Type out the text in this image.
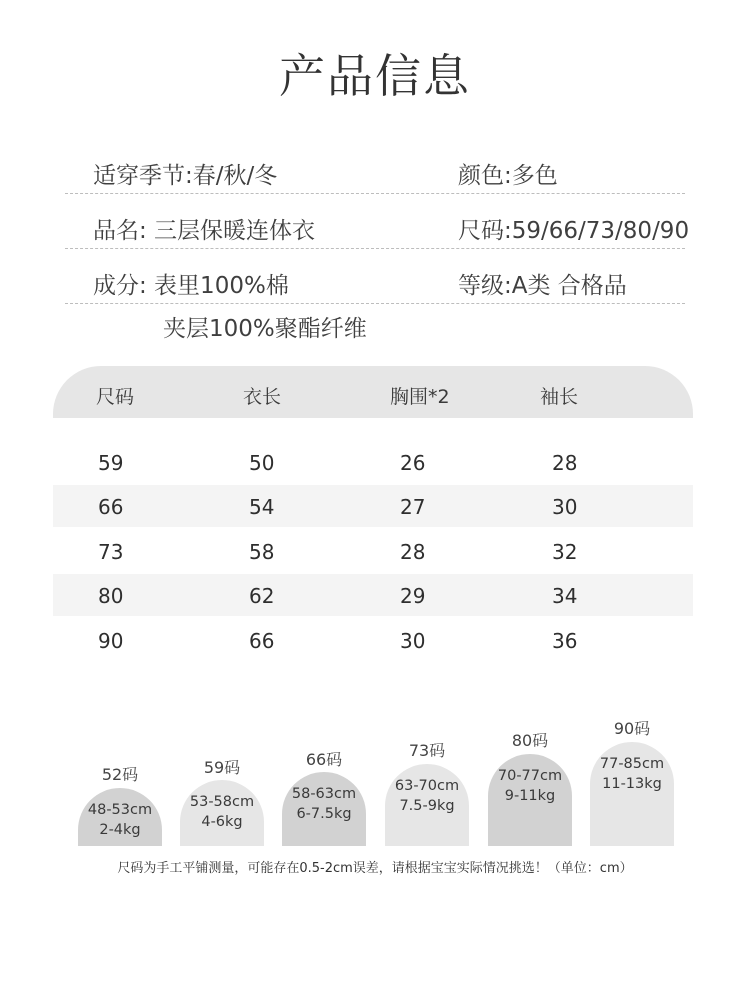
产品信息
适穿季节:春/秋/冬	颜色:多色
品名: 三层保暖连体衣	尺码:59/66/73/80/90
成分: 表里100%棉	等级:A类 合格品
夹层100%聚酯纤维
尺码	衣长	胸围*2	袖长
59	50	26	28
66	54	27	30
73	58	28	32
80	62	29	34
90	66	30	36
52码
48-53cm
2-4kg
59码
53-58cm
4-6kg
66码
58-63cm
6-7.5kg
73码
63-70cm
7.5-9kg
80码
70-77cm
9-11kg
90码
77-85cm
11-13kg
尺码为手工平铺测量，可能存在0.5-2cm误差，请根据宝宝实际情况挑选！（单位：cm）
